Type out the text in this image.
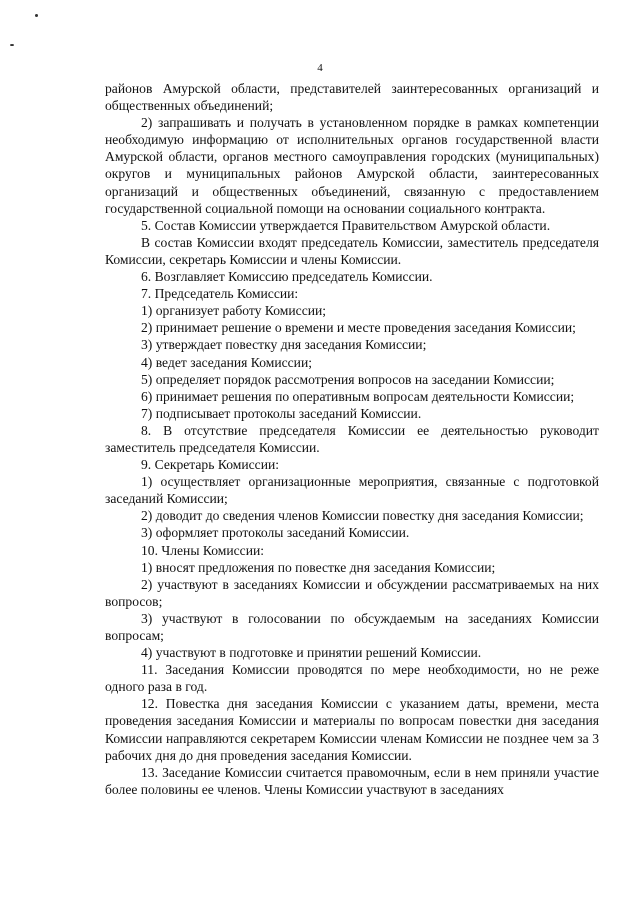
4

районов Амурской области, представителей заинтересованных организаций и общественных объединений;

2) запрашивать и получать в установленном порядке в рамках компетенции необходимую информацию от исполнительных органов государственной власти Амурской области, органов местного самоуправления городских (муниципальных) округов и муниципальных районов Амурской области, заинтересованных организаций и общественных объединений, связанную с предоставлением государственной социальной помощи на основании социального контракта.

5. Состав Комиссии утверждается Правительством Амурской области.

В состав Комиссии входят председатель Комиссии, заместитель председателя Комиссии, секретарь Комиссии и члены Комиссии.

6. Возглавляет Комиссию председатель Комиссии.

7. Председатель Комиссии:

1) организует работу Комиссии;

2) принимает решение о времени и месте проведения заседания Комиссии;

3) утверждает повестку дня заседания Комиссии;

4) ведет заседания Комиссии;

5) определяет порядок рассмотрения вопросов на заседании Комиссии;

6) принимает решения по оперативным вопросам деятельности Комиссии;

7) подписывает протоколы заседаний Комиссии.

8. В отсутствие председателя Комиссии ее деятельностью руководит заместитель председателя Комиссии.

9. Секретарь Комиссии:

1) осуществляет организационные мероприятия, связанные с подготовкой заседаний Комиссии;

2) доводит до сведения членов Комиссии повестку дня заседания Комиссии;

3) оформляет протоколы заседаний Комиссии.

10. Члены Комиссии:

1) вносят предложения по повестке дня заседания Комиссии;

2) участвуют в заседаниях Комиссии и обсуждении рассматриваемых на них вопросов;

3) участвуют в голосовании по обсуждаемым на заседаниях Комиссии вопросам;

4) участвуют в подготовке и принятии решений Комиссии.

11. Заседания Комиссии проводятся по мере необходимости, но не реже одного раза в год.

12. Повестка дня заседания Комиссии с указанием даты, времени, места проведения заседания Комиссии и материалы по вопросам повестки дня заседания Комиссии направляются секретарем Комиссии членам Комиссии не позднее чем за 3 рабочих дня до дня проведения заседания Комиссии.

13. Заседание Комиссии считается правомочным, если в нем приняли участие более половины ее членов. Члены Комиссии участвуют в заседаниях
